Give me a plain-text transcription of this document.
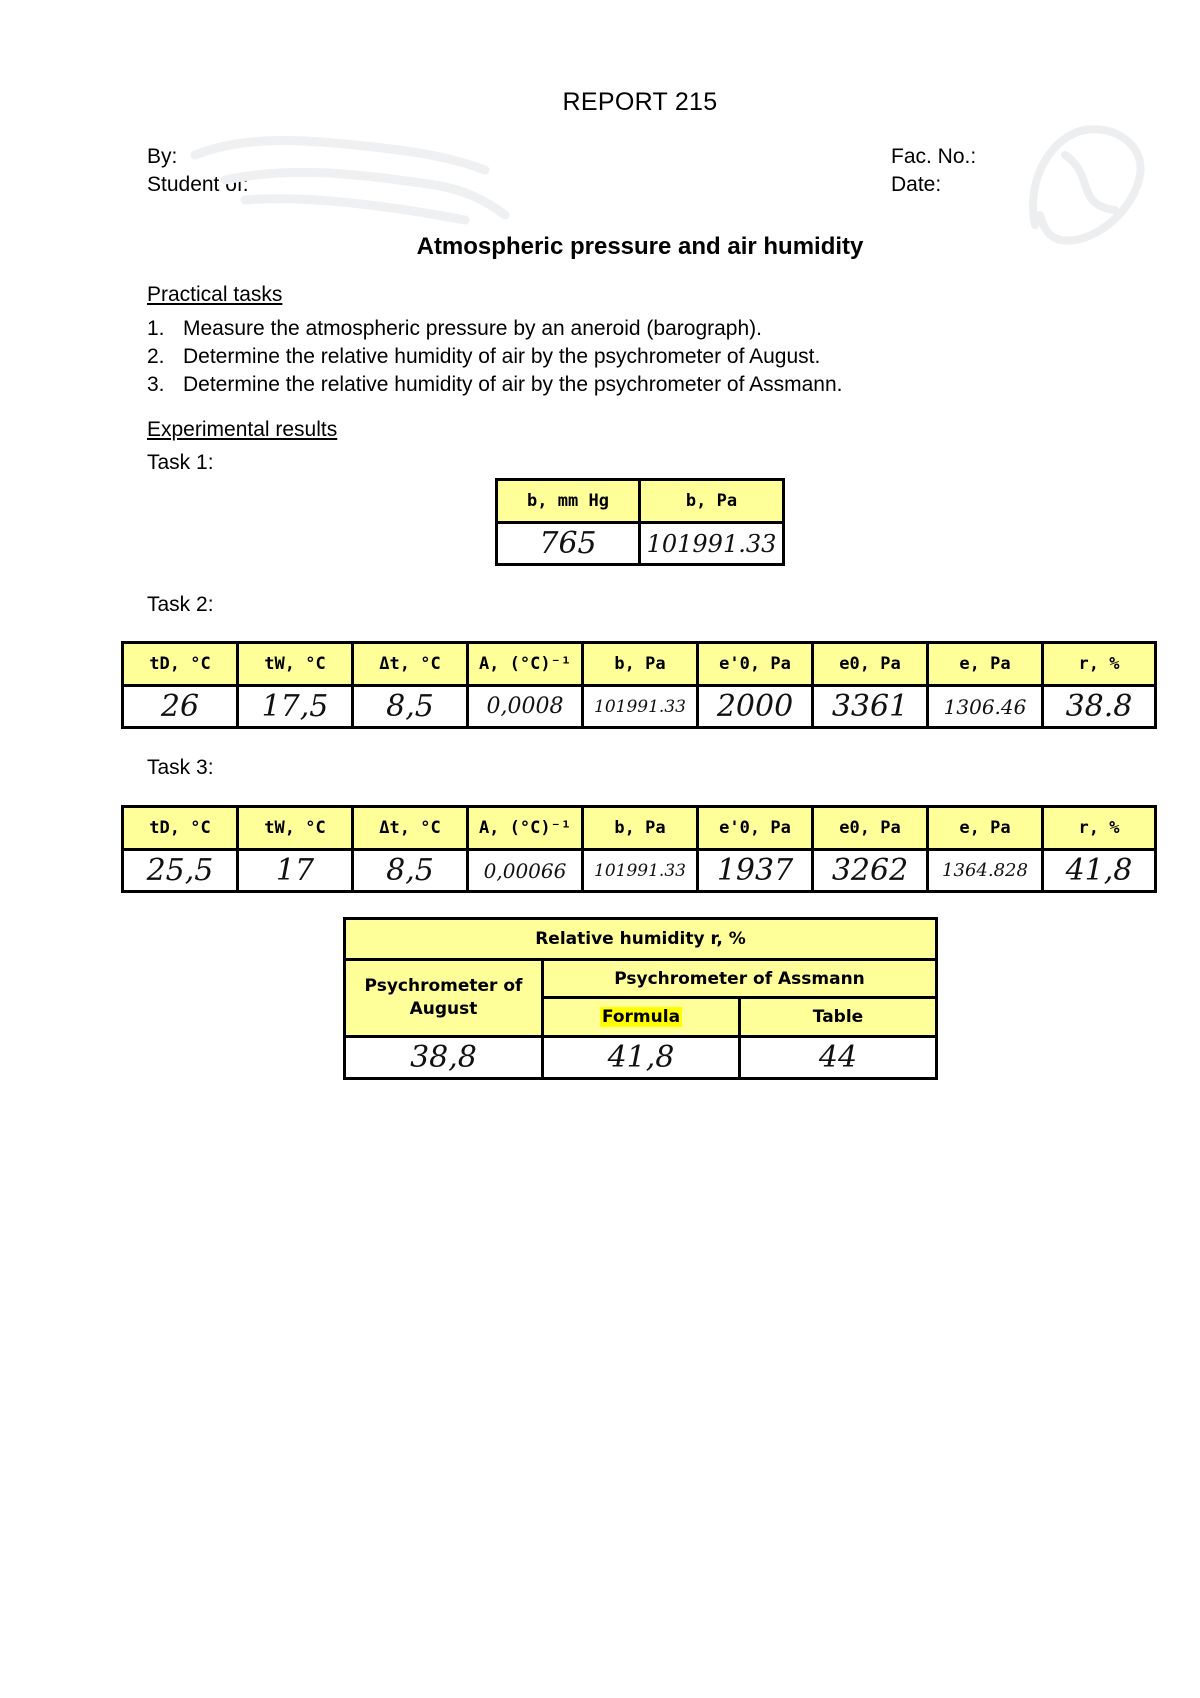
REPORT 215
By:
Student of:
Fac. No.:
Date:
Atmospheric pressure and air humidity
Practical tasks
1. Measure the atmospheric pressure by an aneroid (barograph).
2. Determine the relative humidity of air by the psychrometer of August.
3. Determine the relative humidity of air by the psychrometer of Assmann.
Experimental results
Task 1:
b, mm Hg	b, Pa
765	101991.33
Task 2:
tD, °C	tW, °C	Δt, °C	A, (°C)⁻¹	b, Pa	e'0, Pa	e0, Pa	e, Pa	r, %
26	17,5	8,5	0,0008	101991.33	2000	3361	1306.46	38.8
Task 3:
tD, °C	tW, °C	Δt, °C	A, (°C)⁻¹	b, Pa	e'0, Pa	e0, Pa	e, Pa	r, %
25,5	17	8,5	0,00066	101991.33	1937	3262	1364.828	41,8
Relative humidity r, %		
Psychrometer of August	Psychrometer of Assmann	
	Formula	Table
38,8	41,8	44
